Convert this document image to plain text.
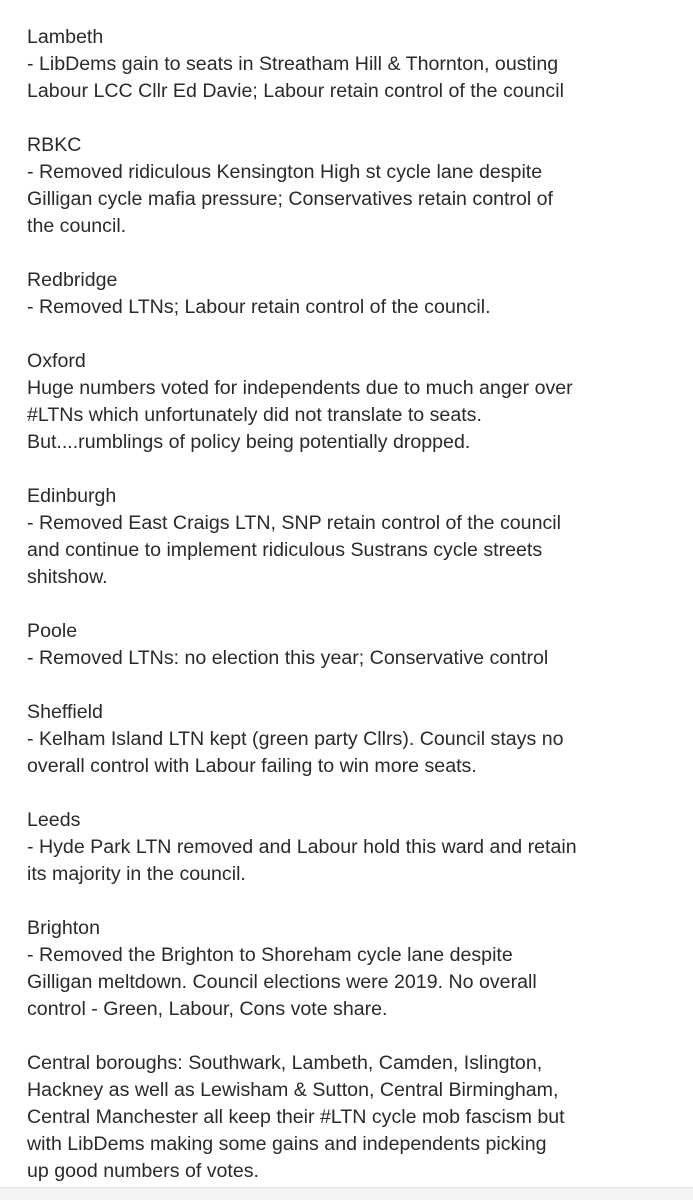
Lambeth

- LibDems gain to seats in Streatham Hill & Thornton, ousting
Labour LCC Cllr Ed Davie; Labour retain control of the council

RBKC

- Removed ridiculous Kensington High st cycle lane despite
Gilligan cycle mafia pressure; Conservatives retain control of
the council.

Redbridge

- Removed LTNs; Labour retain control of the council.

Oxford

Huge numbers voted for independents due to much anger over
#LTNs which unfortunately did not translate to seats.
But....rumblings of policy being potentially dropped.

Edinburgh

- Removed East Craigs LTN, SNP retain control of the council
and continue to implement ridiculous Sustrans cycle streets
shitshow.

Poole

- Removed LTNs: no election this year; Conservative control

Sheffield

- Kelham Island LTN kept (green party Cllrs). Council stays no
overall control with Labour failing to win more seats.

Leeds

- Hyde Park LTN removed and Labour hold this ward and retain
its majority in the council.

Brighton

- Removed the Brighton to Shoreham cycle lane despite
Gilligan meltdown. Council elections were 2019. No overall
control - Green, Labour, Cons vote share.

Central boroughs: Southwark, Lambeth, Camden, Islington,
Hackney as well as Lewisham & Sutton, Central Birmingham,
Central Manchester all keep their #LTN cycle mob fascism but
with LibDems making some gains and independents picking
up good numbers of votes.
